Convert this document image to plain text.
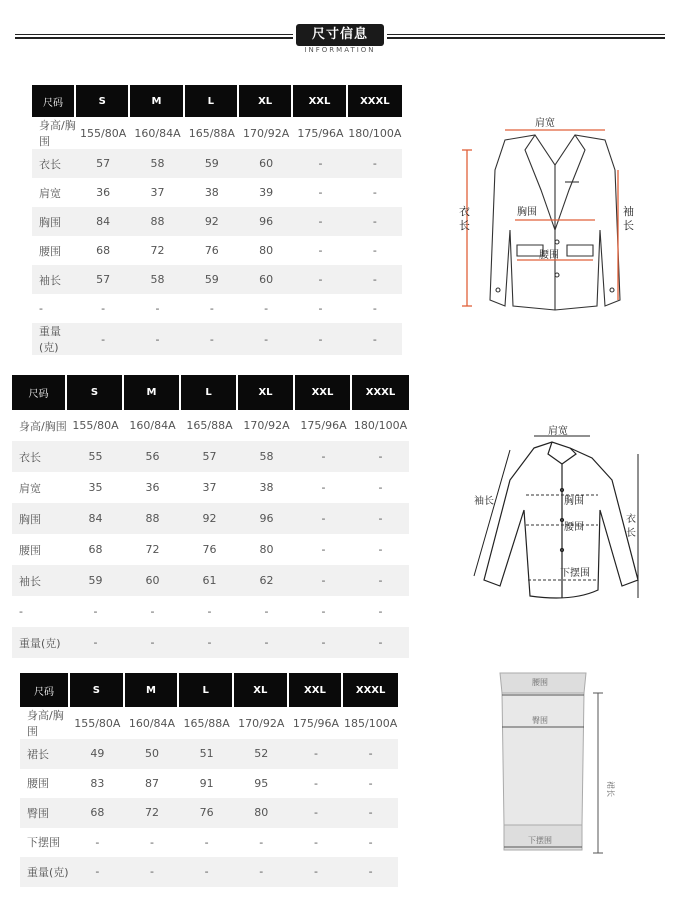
尺寸信息
INFORMATION
尺码	S	M	L	XL	XXL	XXXL
身高/胸围	155/80A	160/84A	165/88A	170/92A	175/96A	180/100A
衣长	57	58	59	60	-	-
肩宽	36	37	38	39	-	-
胸围	84	88	92	96	-	-
腰围	68	72	76	80	-	-
袖长	57	58	59	60	-	-
-	-	-	-	-	-	-
重量(克)	-	-	-	-	-	-
尺码	S	M	L	XL	XXL	XXXL
身高/胸围	155/80A	160/84A	165/88A	170/92A	175/96A	180/100A
衣长	55	56	57	58	-	-
肩宽	35	36	37	38	-	-
胸围	84	88	92	96	-	-
腰围	68	72	76	80	-	-
袖长	59	60	61	62	-	-
-	-	-	-	-	-	-
重量(克)	-	-	-	-	-	-
尺码	S	M	L	XL	XXL	XXXL
身高/胸围	155/80A	160/84A	165/88A	170/92A	175/96A	185/100A
裙长	49	50	51	52	-	-
腰围	83	87	91	95	-	-
臀围	68	72	76	80	-	-
下摆围	-	-	-	-	-	-
重量(克)	-	-	-	-	-	-
肩宽
衣
长
胸围
腰围
袖
长
肩宽
袖长	胸围
腰围
下摆围
衣
长
腰围
臀围
下摆围
裙长
